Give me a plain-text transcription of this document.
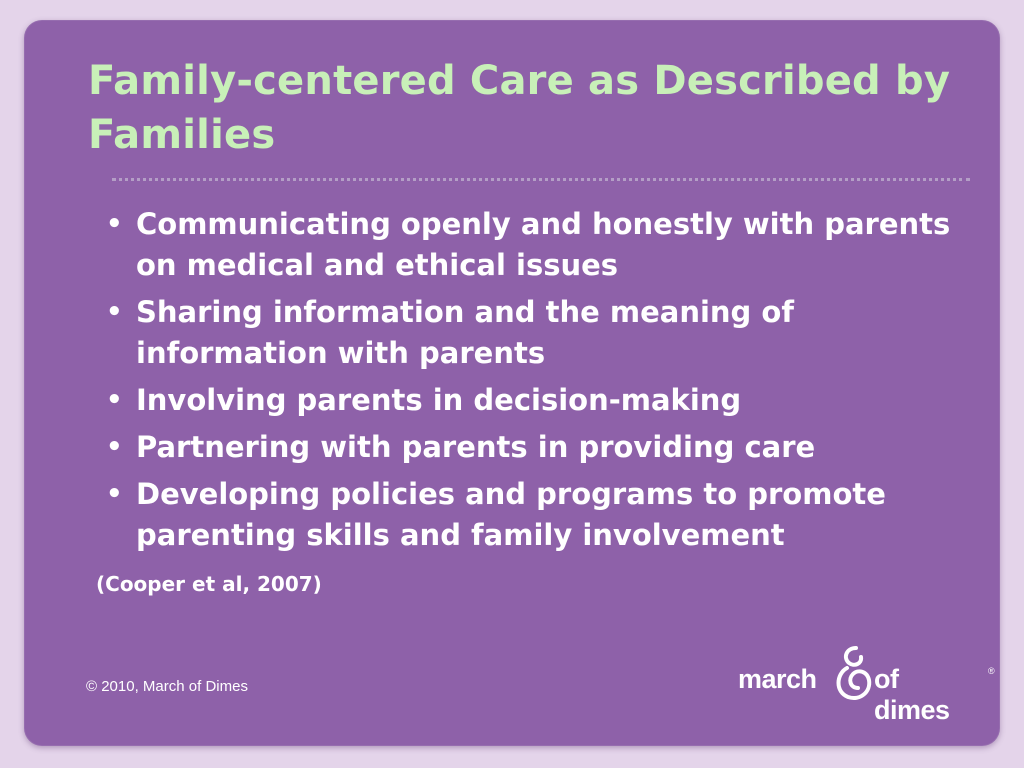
Family-centered Care as Described by Families
• Communicating openly and honestly with parents on medical and ethical issues
• Sharing information and the meaning of information with parents
• Involving parents in decision-making
• Partnering with parents in providing care
• Developing policies and programs to promote parenting skills and family involvement
(Cooper et al, 2007)
© 2010, March of Dimes	march of dimes
®
